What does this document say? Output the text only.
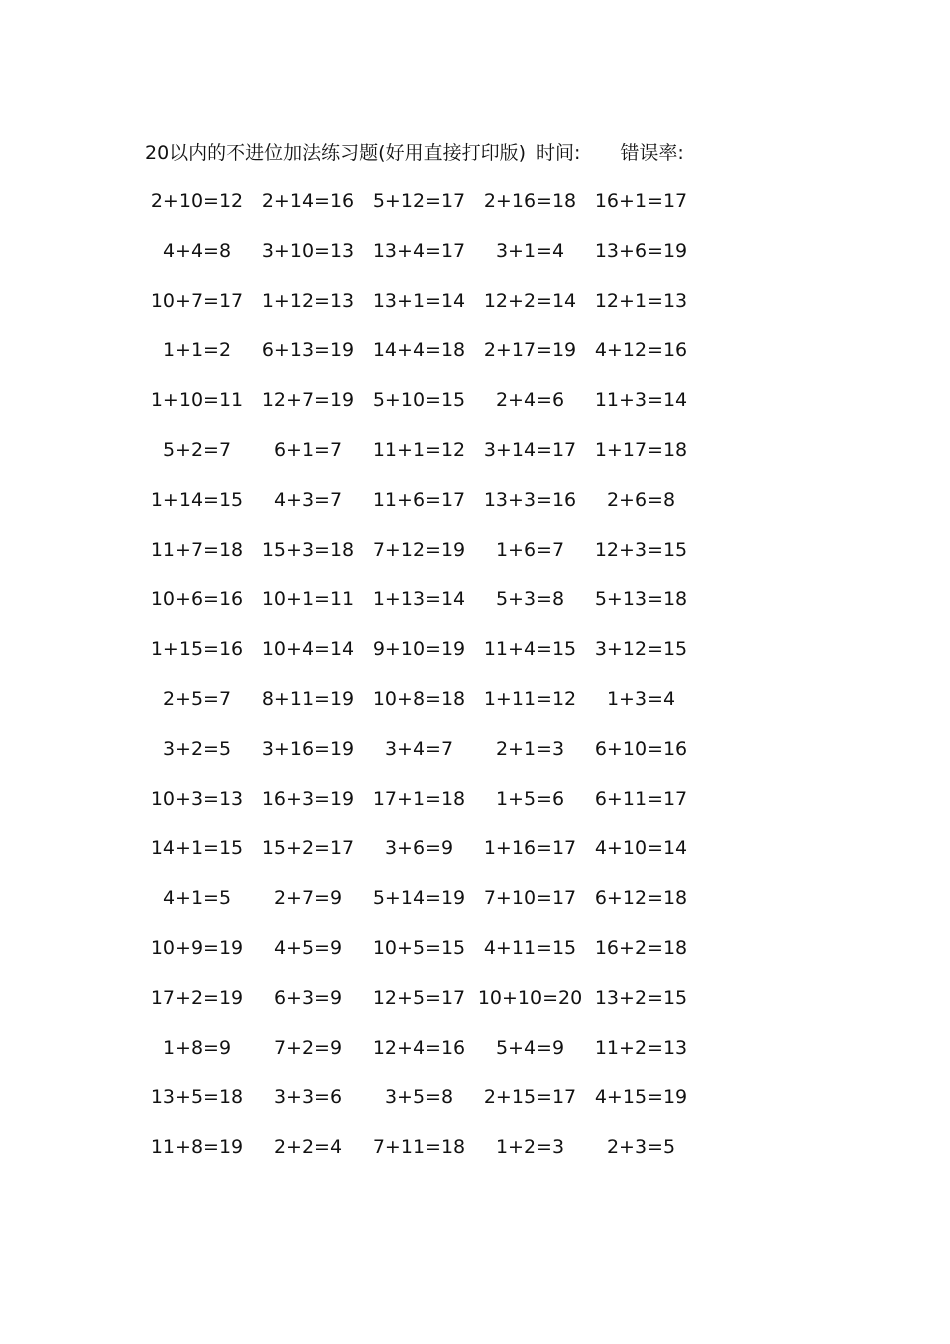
20以内的不进位加法练习题(好用直接打印版) 时间: 错误率:
2+10=12 2+14=16 5+12=17 2+16=18 16+1=17
4+4=8	3+10=13 13+4=17	3+1=4	13+6=19
10+7=17 1+12=13 13+1=14 12+2=14 12+1=13
1+1=2	6+13=19 14+4=18 2+17=19 4+12=16
1+10=11 12+7=19 5+10=15	2+4=6	11+3=14
5+2=7	6+1=7	11+1=12 3+14=17 1+17=18
1+14=15	4+3=7	11+6=17 13+3=16	2+6=8
11+7=18 15+3=18 7+12=19	1+6=7	12+3=15
10+6=16 10+1=11 1+13=14	5+3=8	5+13=18
1+15=16 10+4=14 9+10=19 11+4=15 3+12=15
2+5=7	8+11=19 10+8=18 1+11=12	1+3=4
3+2=5	3+16=19	3+4=7	2+1=3	6+10=16
10+3=13 16+3=19 17+1=18	1+5=6	6+11=17
14+1=15 15+2=17	3+6=9	1+16=17 4+10=14
4+1=5	2+7=9	5+14=19 7+10=17 6+12=18
10+9=19	4+5=9	10+5=15 4+11=15 16+2=18
17+2=19	6+3=9	12+5=17 10+10=20 13+2=15
1+8=9	7+2=9	12+4=16	5+4=9	11+2=13
13+5=18	3+3=6	3+5=8	2+15=17 4+15=19
11+8=19	2+2=4	7+11=18	1+2=3	2+3=5
